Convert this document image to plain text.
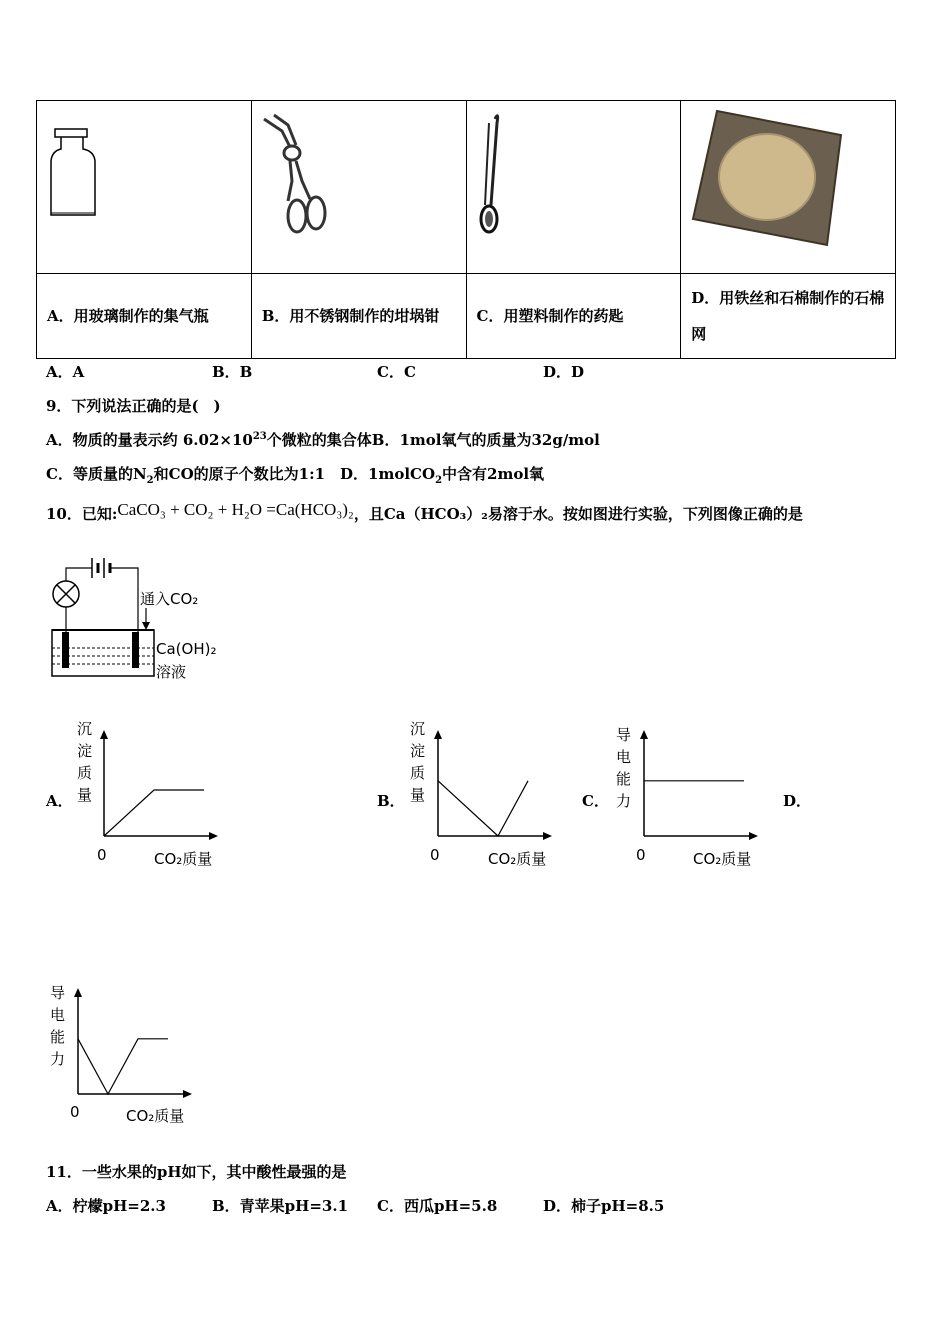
A．用玻璃制作的集气瓶	B．用不锈钢制作的坩埚钳	C．用塑料制作的药匙	D．用铁丝和石棉制作的石棉网
A．A	B．B	C．C	D．D
9．下列说法正确的是(　)
A．物质的量表示约 $6.02\times 10^{23}$个微粒的集合体B．1mol氧气的质量为32g/mol
C．等质量的$N_2$和CO的原子个数比为1:1　D．1molCO$_2$中含有2mol氧
10．已知:CaCO₃ + CO₂ + H₂O =Ca(HCO₃)₂，且Ca（HCO₃）₂易溶于水。按如图进行实验，下列图像正确的是
通入CO₂
Ca(OH)₂
溶液
A．	B．	C．	D．
沉
淀
质
量
0	CO₂质量
沉
淀
质
量
0	CO₂质量
导
电
能
力
0	CO₂质量
导
电
能
力
0	CO₂质量
11．一些水果的pH如下，其中酸性最强的是
A．柠檬pH=2.3	B．青苹果pH=3.1 C．西瓜pH=5.8	D．柿子pH=8.5
